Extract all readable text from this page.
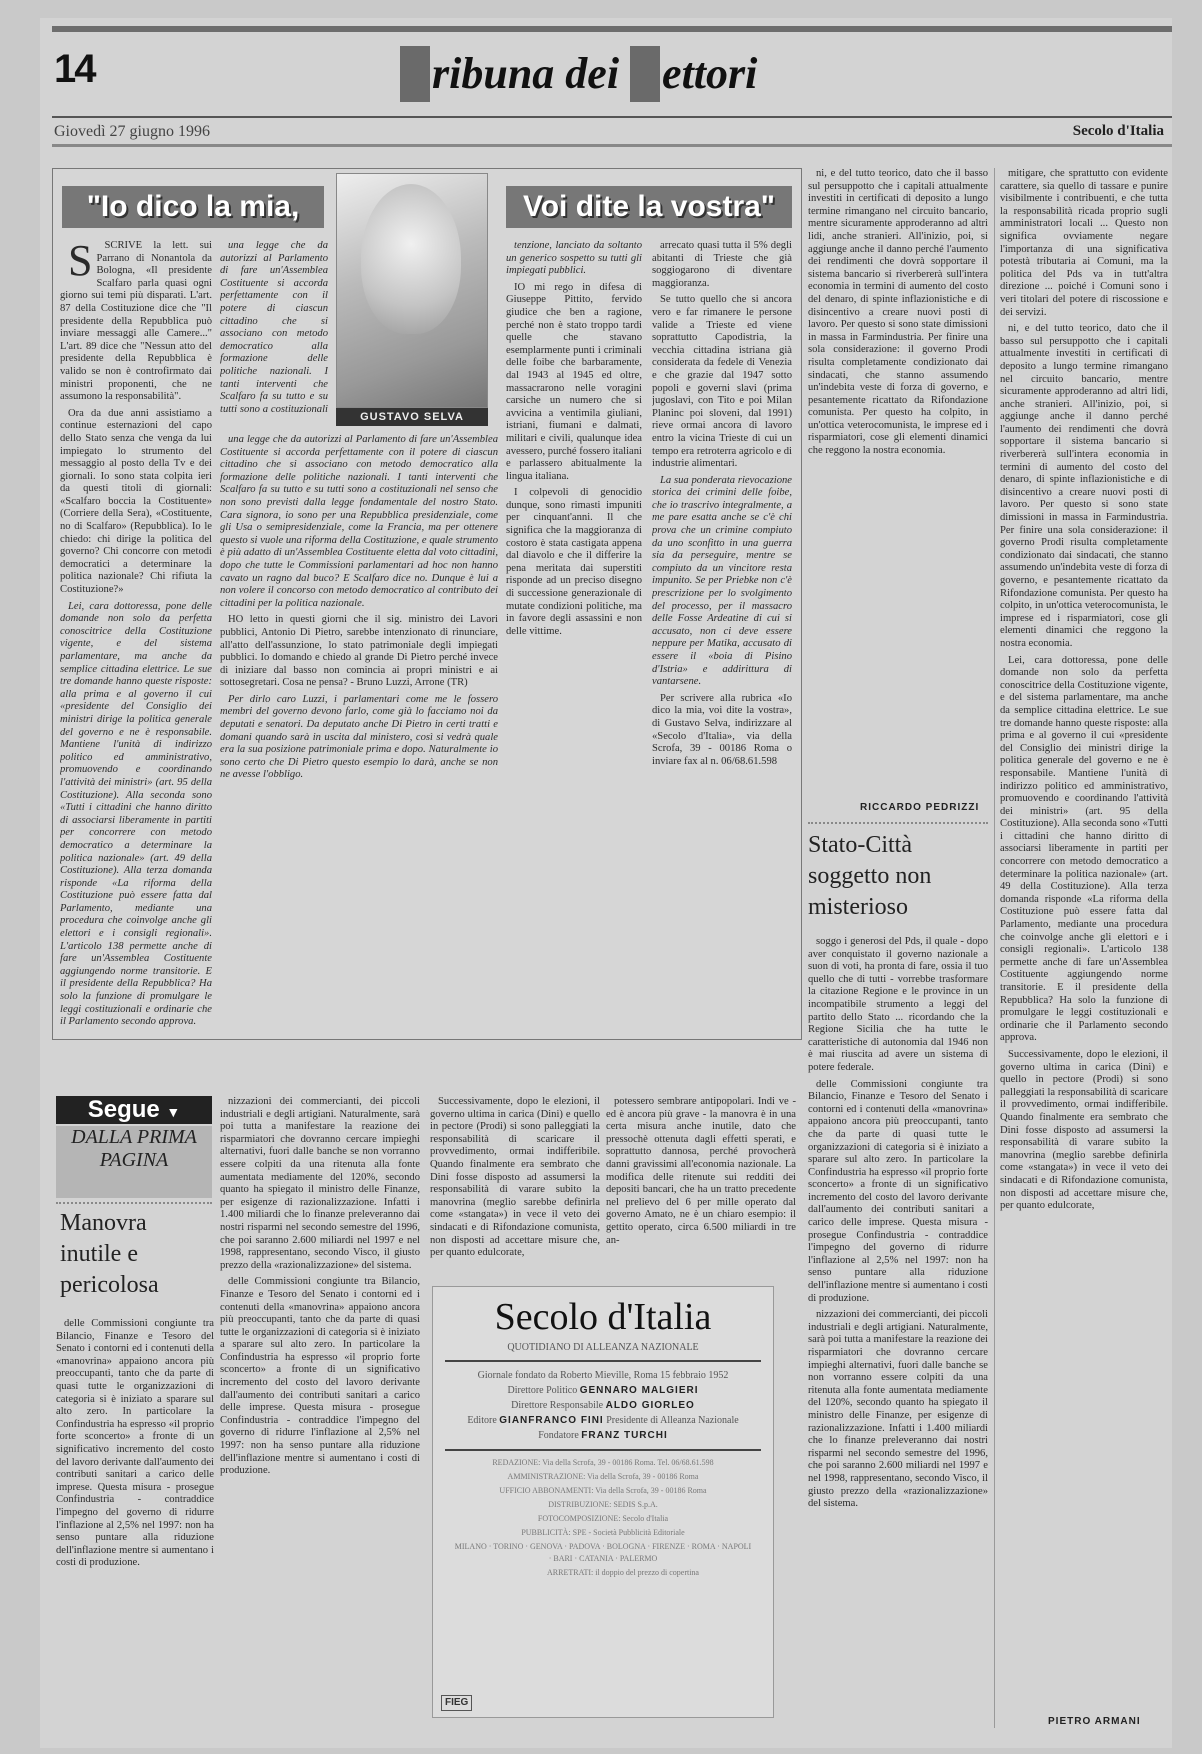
14	ribuna dei ettori
Giovedì 27 giugno 1996	Secolo d'Italia
"Io dico la mia,	Voi dite la vostra"
GUSTAVO SELVA

S SCRIVE la lett. sui Parrano di Nonantola da Bologna, «Il presidente Scalfaro parla quasi ogni giorno sui temi più disparati. L'art. 87 della Costituzione dice che "Il presidente della Repubblica può inviare messaggi alle Camere..." L'art. 89 dice che "Nessun atto del presidente della Repubblica è valido se non è controfirmato dai ministri proponenti, che ne assumono la responsabilità".

Ora da due anni assistiamo a continue esternazioni del capo dello Stato senza che venga da lui impiegato lo strumento del messaggio al posto della Tv e dei giornali. Io sono stata colpita ieri da questi titoli di giornali: «Scalfaro boccia la Costituente» (Corriere della Sera), «Costituente, no di Scalfaro» (Repubblica). Io le chiedo: chi dirige la politica del governo? Chi concorre con metodi democratici a determinare la politica nazionale? Chi rifiuta la Costituzione?»

Lei, cara dottoressa, pone delle domande non solo da perfetta conoscitrice della Costituzione vigente, e del sistema parlamentare, ma anche da semplice cittadina elettrice. Le sue tre domande hanno queste risposte: alla prima e al governo il cui «presidente del Consiglio dei ministri dirige la politica generale del governo e ne è responsabile. Mantiene l'unità di indirizzo politico ed amministrativo, promuovendo e coordinando l'attività dei ministri» (art. 95 della Costituzione). Alla seconda sono «Tutti i cittadini che hanno diritto di associarsi liberamente in partiti per concorrere con metodo democratico a determinare la politica nazionale» (art. 49 della Costituzione). Alla terza domanda risponde «La riforma della Costituzione può essere fatta dal Parlamento, mediante una procedura che coinvolge anche gli elettori e i consigli regionali». L'articolo 138 permette anche di fare un'Assemblea Costituente aggiungendo norme transitorie. E il presidente della Repubblica? Ha solo la funzione di promulgare le leggi costituzionali e ordinarie che il Parlamento secondo approva.

una legge che da autorizzi al Parlamento di fare un'Assemblea Costituente si accorda perfettamente con il potere di ciascun cittadino che si associano con metodo democratico alla formazione delle politiche nazionali. I tanti interventi che Scalfaro fa su tutto e su tutti sono a costituzionali

una legge che da autorizzi al Parlamento di fare un'Assemblea Costituente si accorda perfettamente con il potere di ciascun cittadino che si associano con metodo democratico alla formazione delle politiche nazionali. I tanti interventi che Scalfaro fa su tutto e su tutti sono a costituzionali nel senso che non sono previsti dalla legge fondamentale del nostro Stato. Cara signora, io sono per una Repubblica presidenziale, come gli Usa o semipresidenziale, come la Francia, ma per ottenere questo si vuole una riforma della Costituzione, e quale strumento è più adatto di un'Assemblea Costituente eletta dal voto cittadini, dopo che tutte le Commissioni parlamentari ad hoc non hanno cavato un ragno dal buco? E Scalfaro dice no. Dunque è lui a non volere il concorso con metodo democratico al contributo dei cittadini per la politica nazionale.

HO letto in questi giorni che il sig. ministro dei Lavori pubblici, Antonio Di Pietro, sarebbe intenzionato di rinunciare, all'atto dell'assunzione, lo stato patrimoniale degli impiegati pubblici. Io domando e chiedo al grande Di Pietro perché invece di iniziare dal basso non comincia ai propri ministri e ai sottosegretari. Cosa ne pensa? - Bruno Luzzi, Arrone (TR)

Per dirlo caro Luzzi, i parlamentari come me le fossero membri del governo devono farlo, come già lo facciamo noi da deputati e senatori. Da deputato anche Di Pietro in certi tratti e domani quando sarà in uscita dal ministero, così si vedrà quale era la sua posizione patrimoniale prima e dopo. Naturalmente io sono certo che Di Pietro questo esempio lo darà, anche se non ne avesse l'obbligo.

tenzione, lanciato da soltanto un generico sospetto su tutti gli impiegati pubblici.

IO mi rego in difesa di Giuseppe Pittito, fervido giudice che ben a ragione, perché non è stato troppo tardi quelle che stavano esemplarmente punti i criminali delle foibe che barbaramente, dal 1943 al 1945 ed oltre, massacrarono nelle voragini carsiche un numero che si avvicina a ventimila giuliani, istriani, fiumani e dalmati, militari e civili, qualunque idea avessero, purché fossero italiani e parlassero abitualmente la lingua italiana.

I colpevoli di genocidio dunque, sono rimasti impuniti per cinquant'anni. Il che significa che la maggioranza di costoro è stata castigata appena dal diavolo e che il differire la pena meritata dai superstiti risponde ad un preciso disegno di successione generazionale di mutate condizioni politiche, ma in favore degli assassini e non delle vittime.

arrecato quasi tutta il 5% degli abitanti di Trieste che già soggiogarono di diventare maggioranza.

Se tutto quello che si ancora vero e far rimanere le persone valide a Trieste ed viene soprattutto Capodistria, la vecchia cittadina istriana già considerata da fedele di Venezia e che grazie dal 1947 sotto popoli e governi slavi (prima jugoslavi, con Tito e poi Milan Planinc poi sloveni, dal 1991) rieve ormai ancora di lavoro entro la vicina Trieste di cui un tempo era retroterra agricolo e di industrie alimentari.

La sua ponderata rievocazione storica dei crimini delle foibe, che io trascrivo integralmente, a me pare esatta anche se c'è chi prova che un crimine compiuto da uno sconfitto in una guerra sia da perseguire, mentre se compiuto da un vincitore resta impunito. Se per Priebke non c'è prescrizione per lo svolgimento del processo, per il massacro delle Fosse Ardeatine di cui si accusato, non ci deve essere neppure per Matika, accusato di essere il «boia di Pisino d'Istria» e addirittura di vantarsene.

Per scrivere alla rubrica «Io dico la mia, voi dite la vostra», di Gustavo Selva, indirizzare al «Secolo d'Italia», via della Scrofa, 39 - 00186 Roma o inviare fax al n. 06/68.61.598

ni, e del tutto teorico, dato che il basso sul persuppotto che i capitali attualmente investiti in certificati di deposito a lungo termine rimangano nel circuito bancario, mentre sicuramente approderanno ad altri lidi, anche stranieri. All'inizio, poi, si aggiunge anche il danno perché l'aumento dei rendimenti che dovrà sopportare il sistema bancario si riverbererà sull'intera economia in termini di aumento del costo del denaro, di spinte inflazionistiche e di disincentivo a creare nuovi posti di lavoro. Per questo si sono state dimissioni in massa in Farmindustria. Per finire una sola considerazione: il governo Prodi risulta completamente condizionato dai sindacati, che stanno assumendo un'indebita veste di forza di governo, e pesantemente ricattato da Rifondazione comunista. Per questo ha colpito, in un'ottica veterocomunista, le imprese ed i risparmiatori, cose gli elementi dinamici che reggono la nostra economia.

RICCARDO PEDRIZZI
Stato-Città soggetto non misterioso

soggo i generosi del Pds, il quale - dopo aver conquistato il governo nazionale a suon di voti, ha pronta di fare, ossia il tuo quello che di tutti - vorrebbe trasformare la citazione Regione e le province in un incompatibile strumento a leggi del partito dello Stato ... ricordando che la Regione Sicilia che ha tutte le caratteristiche di autonomia dal 1946 non è mai riuscita ad avere un sistema di potere federale.

delle Commissioni congiunte tra Bilancio, Finanze e Tesoro del Senato i contorni ed i contenuti della «manovrina» appaiono ancora più preoccupanti, tanto che da parte di quasi tutte le organizzazioni di categoria si è iniziato a sparare sul alto zero. In particolare la Confindustria ha espresso «il proprio forte sconcerto» a fronte di un significativo incremento del costo del lavoro derivante dall'aumento dei contributi sanitari a carico delle imprese. Questa misura - prosegue Confindustria - contraddice l'impegno del governo di ridurre l'inflazione al 2,5% nel 1997: non ha senso puntare alla riduzione dell'inflazione mentre si aumentano i costi di produzione.

nizzazioni dei commercianti, dei piccoli industriali e degli artigiani. Naturalmente, sarà poi tutta a manifestare la reazione dei risparmiatori che dovranno cercare impieghi alternativi, fuori dalle banche se non vorranno essere colpiti da una ritenuta alla fonte aumentata mediamente del 120%, secondo quanto ha spiegato il ministro delle Finanze, per esigenze di razionalizzazione. Infatti i 1.400 miliardi che lo finanze preleveranno dai nostri risparmi nel secondo semestre del 1996, che poi saranno 2.600 miliardi nel 1997 e nel 1998, rappresentano, secondo Visco, il giusto prezzo della «razionalizzazione» del sistema.

mitigare, che sprattutto con evidente carattere, sia quello di tassare e punire visibilmente i contribuenti, e che tutta la responsabilità ricada proprio sugli amministratori locali ... Questo non significa ovviamente negare l'importanza di una significativa potestà tributaria ai Comuni, ma la politica del Pds va in tutt'altra direzione ... poiché i Comuni sono i veri titolari del potere di riscossione e dei servizi.

ni, e del tutto teorico, dato che il basso sul persuppotto che i capitali attualmente investiti in certificati di deposito a lungo termine rimangano nel circuito bancario, mentre sicuramente approderanno ad altri lidi, anche stranieri. All'inizio, poi, si aggiunge anche il danno perché l'aumento dei rendimenti che dovrà sopportare il sistema bancario si riverbererà sull'intera economia in termini di aumento del costo del denaro, di spinte inflazionistiche e di disincentivo a creare nuovi posti di lavoro. Per questo si sono state dimissioni in massa in Farmindustria. Per finire una sola considerazione: il governo Prodi risulta completamente condizionato dai sindacati, che stanno assumendo un'indebita veste di forza di governo, e pesantemente ricattato da Rifondazione comunista. Per questo ha colpito, in un'ottica veterocomunista, le imprese ed i risparmiatori, cose gli elementi dinamici che reggono la nostra economia.

Lei, cara dottoressa, pone delle domande non solo da perfetta conoscitrice della Costituzione vigente, e del sistema parlamentare, ma anche da semplice cittadina elettrice. Le sue tre domande hanno queste risposte: alla prima e al governo il cui «presidente del Consiglio dei ministri dirige la politica generale del governo e ne è responsabile. Mantiene l'unità di indirizzo politico ed amministrativo, promuovendo e coordinando l'attività dei ministri» (art. 95 della Costituzione). Alla seconda sono «Tutti i cittadini che hanno diritto di associarsi liberamente in partiti per concorrere con metodo democratico a determinare la politica nazionale» (art. 49 della Costituzione). Alla terza domanda risponde «La riforma della Costituzione può essere fatta dal Parlamento, mediante una procedura che coinvolge anche gli elettori e i consigli regionali». L'articolo 138 permette anche di fare un'Assemblea Costituente aggiungendo norme transitorie. E il presidente della Repubblica? Ha solo la funzione di promulgare le leggi costituzionali e ordinarie che il Parlamento secondo approva.

Successivamente, dopo le elezioni, il governo ultima in carica (Dini) e quello in pectore (Prodi) si sono palleggiati la responsabilità di scaricare il provvedimento, ormai indifferibile. Quando finalmente era sembrato che Dini fosse disposto ad assumersi la responsabilità di varare subito la manovrina (meglio sarebbe definirla come «stangata») in vece il veto dei sindacati e di Rifondazione comunista, non disposti ad accettare misure che, per quanto edulcorate,

PIETRO ARMANI
Segue ▼
DALLA PRIMA PAGINA
Manovra inutile e pericolosa

delle Commissioni congiunte tra Bilancio, Finanze e Tesoro del Senato i contorni ed i contenuti della «manovrina» appaiono ancora più preoccupanti, tanto che da parte di quasi tutte le organizzazioni di categoria si è iniziato a sparare sul alto zero. In particolare la Confindustria ha espresso «il proprio forte sconcerto» a fronte di un significativo incremento del costo del lavoro derivante dall'aumento dei contributi sanitari a carico delle imprese. Questa misura - prosegue Confindustria - contraddice l'impegno del governo di ridurre l'inflazione al 2,5% nel 1997: non ha senso puntare alla riduzione dell'inflazione mentre si aumentano i costi di produzione.

nizzazioni dei commercianti, dei piccoli industriali e degli artigiani. Naturalmente, sarà poi tutta a manifestare la reazione dei risparmiatori che dovranno cercare impieghi alternativi, fuori dalle banche se non vorranno essere colpiti da una ritenuta alla fonte aumentata mediamente del 120%, secondo quanto ha spiegato il ministro delle Finanze, per esigenze di razionalizzazione. Infatti i 1.400 miliardi che lo finanze preleveranno dai nostri risparmi nel secondo semestre del 1996, che poi saranno 2.600 miliardi nel 1997 e nel 1998, rappresentano, secondo Visco, il giusto prezzo della «razionalizzazione» del sistema.

delle Commissioni congiunte tra Bilancio, Finanze e Tesoro del Senato i contorni ed i contenuti della «manovrina» appaiono ancora più preoccupanti, tanto che da parte di quasi tutte le organizzazioni di categoria si è iniziato a sparare sul alto zero. In particolare la Confindustria ha espresso «il proprio forte sconcerto» a fronte di un significativo incremento del costo del lavoro derivante dall'aumento dei contributi sanitari a carico delle imprese. Questa misura - prosegue Confindustria - contraddice l'impegno del governo di ridurre l'inflazione al 2,5% nel 1997: non ha senso puntare alla riduzione dell'inflazione mentre si aumentano i costi di produzione.

Successivamente, dopo le elezioni, il governo ultima in carica (Dini) e quello in pectore (Prodi) si sono palleggiati la responsabilità di scaricare il provvedimento, ormai indifferibile. Quando finalmente era sembrato che Dini fosse disposto ad assumersi la responsabilità di varare subito la manovrina (meglio sarebbe definirla come «stangata») in vece il veto dei sindacati e di Rifondazione comunista, non disposti ad accettare misure che, per quanto edulcorate,

potessero sembrare antipopolari. Indi ve - ed è ancora più grave - la manovra è in una certa misura anche inutile, dato che pressochè ottenuta dagli effetti sperati, e soprattutto dannosa, perché provocherà danni gravissimi all'economia nazionale. La modifica delle ritenute sui redditi dei depositi bancari, che ha un tratto precedente nel prelievo del 6 per mille operato dal governo Amato, ne è un chiaro esempio: il gettito operato, circa 6.500 miliardi in tre an-

Secolo d'Italia
QUOTIDIANO DI ALLEANZA NAZIONALE
Giornale fondato da Roberto Mieville, Roma 15 febbraio 1952
Direttore Politico GENNARO MALGIERI
Direttore Responsabile ALDO GIORLEO
Editore GIANFRANCO FINI Presidente di Alleanza Nazionale
Fondatore FRANZ TURCHI
REDAZIONE: Via della Scrofa, 39 - 00186 Roma. Tel. 06/68.61.598
AMMINISTRAZIONE: Via della Scrofa, 39 - 00186 Roma
UFFICIO ABBONAMENTI: Via della Scrofa, 39 - 00186 Roma
DISTRIBUZIONE: SEDIS S.p.A.
FOTOCOMPOSIZIONE: Secolo d'Italia
PUBBLICITÀ: SPE - Società Pubblicità Editoriale
MILANO · TORINO · GENOVA · PADOVA · BOLOGNA · FIRENZE · ROMA · NAPOLI · BARI · CATANIA · PALERMO
ARRETRATI: il doppio del prezzo di copertina
FIEG
